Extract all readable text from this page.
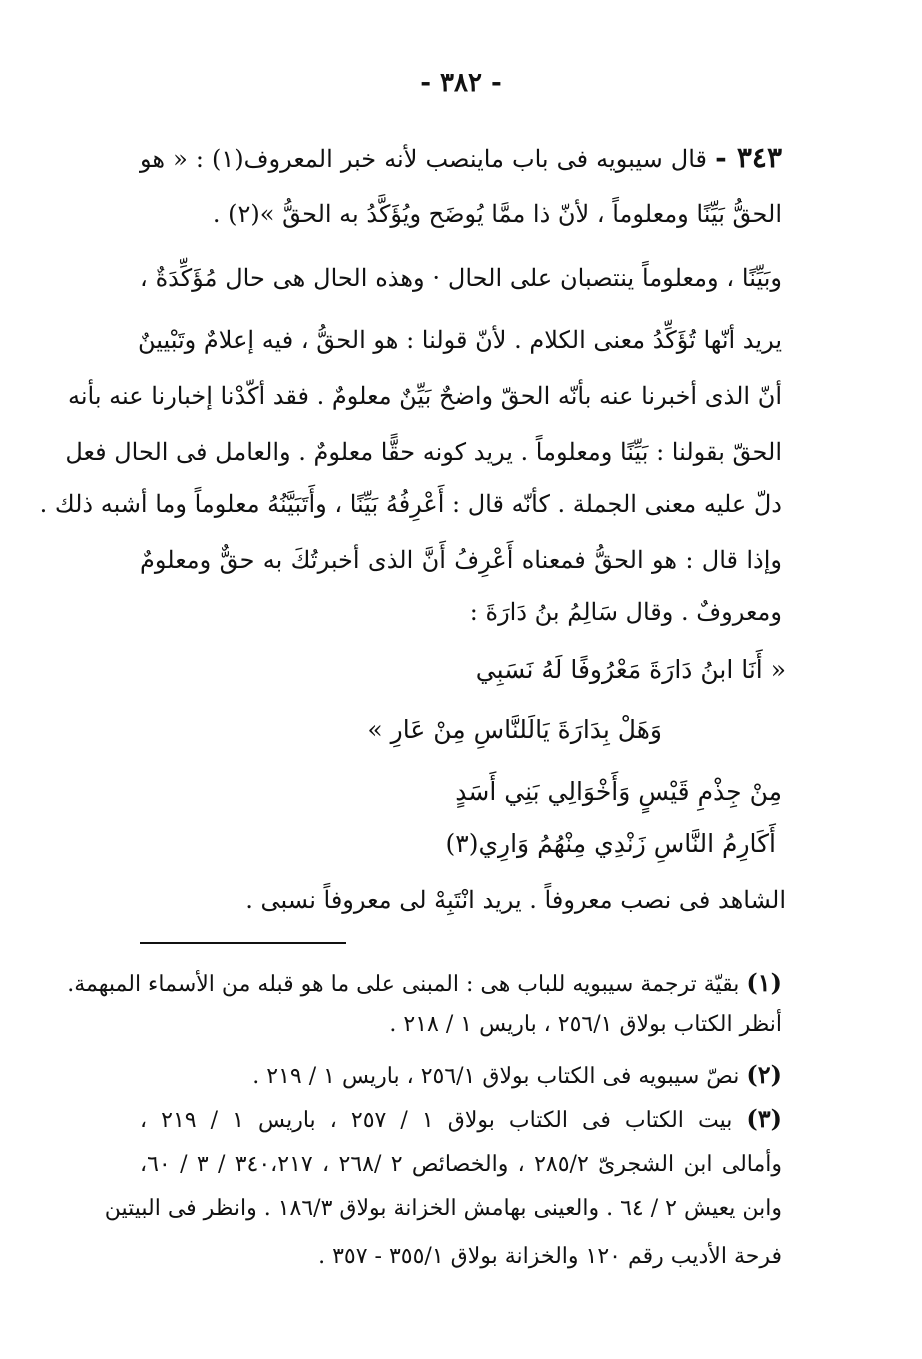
- ٣٨٢ -
٣٤٣ - قال سيبويه فى باب ماينصب لأنه خبر المعروف(١) : « هو
الحقُّ بَيِّنًا ومعلوماً ، لأنّ ذا ممَّا يُوضَح ويُؤَكَّدُ به الحقُّ »(٢) .
وبَيِّنًا ، ومعلوماً ينتصبان على الحال · وهذه الحال هى حال مُؤَكِّدَةٌ ،
يريد أنّها تُؤَكِّدُ معنى الكلام . لأنّ قولنا : هو الحقُّ ، فيه إعلامٌ وتَبْيينٌ
أنّ الذى أخبرنا عنه بأنّه الحقّ واضحٌ بَيِّنٌ معلومٌ . فقد أكّدْنا إخبارنا عنه بأنه
الحقّ بقولنا : بَيِّنًا ومعلوماً . يريد كونه حقًّا معلومٌ . والعامل فى الحال فعل
دلّ عليه معنى الجملة . كأنّه قال : أَعْرِفُهُ بَيِّنًا ، وأَتَبَيَّنُهُ معلوماً وما أشبه ذلك .
وإذا قال : هو الحقُّ فمعناه أَعْرِفُ أَنَّ الذى أخبرتُكَ به حقٌّ ومعلومٌ
ومعروفٌ . وقال سَالِمُ بنُ دَارَةَ :
« أَنَا ابنُ دَارَةَ مَعْرُوفًا لَهُ نَسَبِي
وَهَلْ بِدَارَةَ يَالَلنَّاسِ مِنْ عَارِ »
مِنْ جِذْمِ قَيْسٍ وَأَخْوَالِي بَنِي أَسَدٍ
أَكَارِمُ النَّاسِ زَنْدِي مِنْهُمُ وَارِي(٣)
الشاهد فى نصب معروفاً . يريد انْتَبِهْ لى معروفاً نسبى .
(١) بقيّة ترجمة سيبويه للباب هى : المبنى على ما هو قبله من الأسماء المبهمة.
أنظر الكتاب بولاق ٢٥٦/١ ، باريس ١ / ٢١٨ .
(٢) نصّ سيبويه فى الكتاب بولاق ٢٥٦/١ ، باريس ١ / ٢١٩ .
(٣) بيت الكتاب فى الكتاب بولاق ١ / ٢٥٧ ، باريس ١ / ٢١٩ ،
وأمالى ابن الشجرىّ ٢٨٥/٢ ، والخصائص ٢ /٢٦٨ ، ٣٤٠،٢١٧ / ٣ / ٦٠،
وابن يعيش ٢ / ٦٤ . والعينى بهامش الخزانة بولاق ١٨٦/٣ . وانظر فى البيتين
فرحة الأديب رقم ١٢٠ والخزانة بولاق ٣٥٥/١ - ٣٥٧ .
